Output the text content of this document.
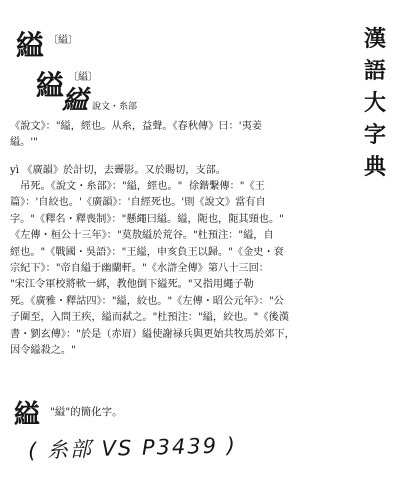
漢
語
大
字
典
縊 〔縊〕
縊
縊
〔縊〕
說文・糸部
《說文》："縊，經也。从糸，益聲。《春秋傳》曰：'夷姜
縊。'"
yì 《廣韻》於計切，去霽影。又於賜切，支部。
　吊死。《說文・糸部》："縊，經也。"  徐鍇繫傳："《王
篇》：'自絞也。'《廣韻》：'自經死也。'則《說文》當有自
字。"《釋名・釋喪制》："懸繩曰縊。縊，阨也，阨其頸也。"
《左傳・桓公十三年》："莫敖縊於荒谷。"杜預注："縊，自
經也。"《戰國・吳語》："王縊，申亥負王以歸。"《金史・袞
宗紀下》："帝自縊于幽蘭軒。"《水滸全傳》第八十三回：
"宋江令軍校將軟一綁，教他倒下縊死。"又指用繩子勒
死。《廣雅・釋詁四》："縊，絞也。"《左傳・昭公元年》："公
子圍至，入問王疾，縊而弑之。"杜預注："縊，絞也。"《後漢
書・劉玄傳》："於是（赤眉）縊使謝禄兵與更始共牧馬於郊下，
因令縊殺之。"
縊 "縊"的簡化字。
( 糸部 VS P3439 )
